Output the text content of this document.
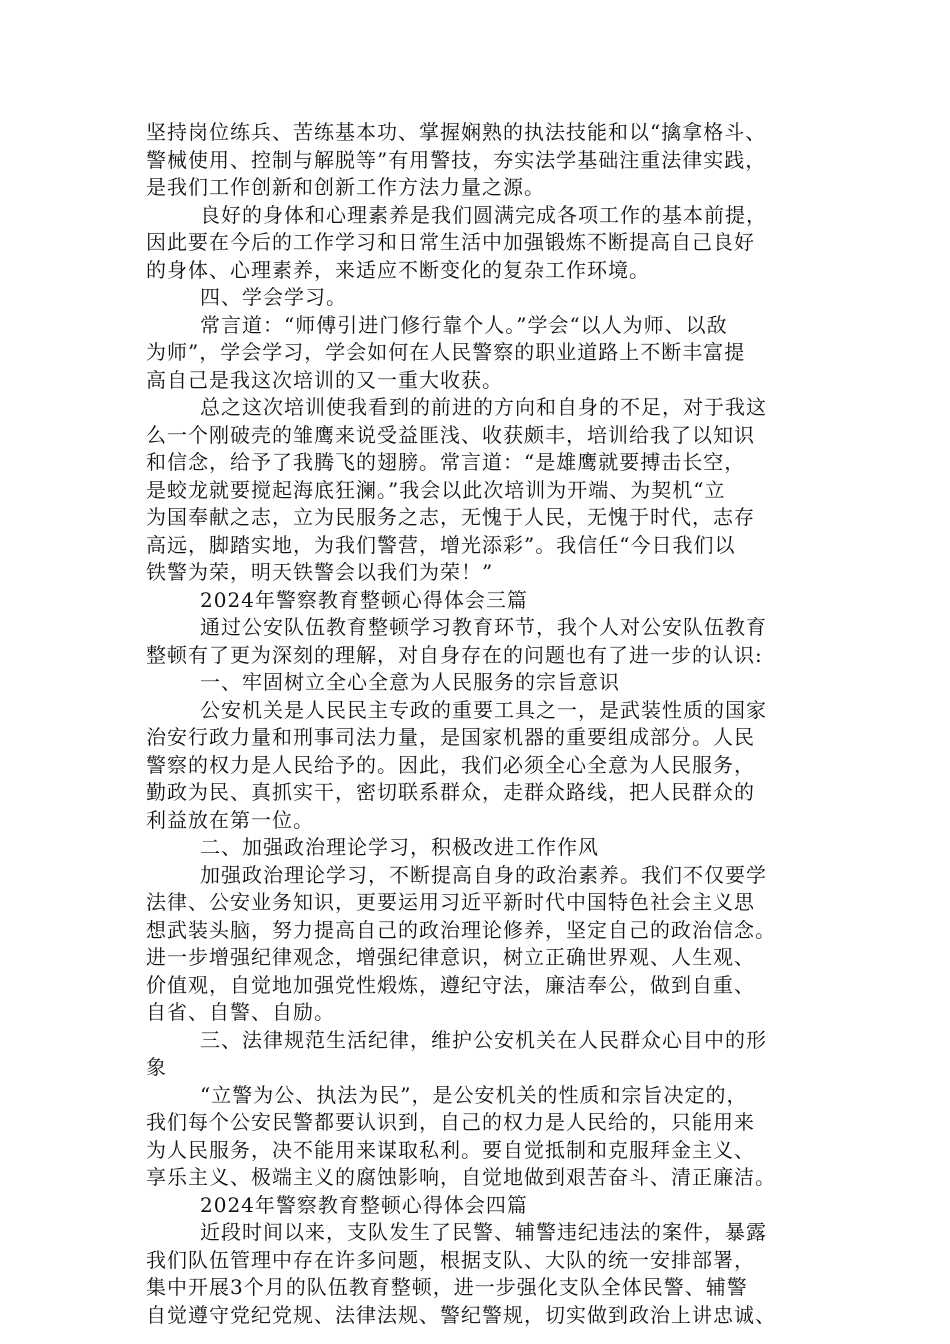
坚持岗位练兵、苦练基本功、掌握娴熟的执法技能和以“擒拿格斗、
警械使用、控制与解脱等”有用警技，夯实法学基础注重法律实践，
是我们工作创新和创新工作方法力量之源。
良好的身体和心理素养是我们圆满完成各项工作的基本前提，
因此要在今后的工作学习和日常生活中加强锻炼不断提高自己良好
的身体、心理素养，来适应不断变化的复杂工作环境。
四、学会学习。
常言道：“师傅引进门修行靠个人。”学会“以人为师、以敌
为师”，学会学习，学会如何在人民警察的职业道路上不断丰富提
高自己是我这次培训的又一重大收获。
总之这次培训使我看到的前进的方向和自身的不足，对于我这
么一个刚破壳的雏鹰来说受益匪浅、收获颇丰，培训给我了以知识
和信念，给予了我腾飞的翅膀。常言道：“是雄鹰就要搏击长空，
是蛟龙就要搅起海底狂澜。”我会以此次培训为开端、为契机“立
为国奉献之志，立为民服务之志，无愧于人民，无愧于时代，志存
高远，脚踏实地，为我们警营，增光添彩”。我信任“今日我们以
铁警为荣，明天铁警会以我们为荣！”
2024年警察教育整顿心得体会三篇
通过公安队伍教育整顿学习教育环节，我个人对公安队伍教育
整顿有了更为深刻的理解，对自身存在的问题也有了进一步的认识:
一、牢固树立全心全意为人民服务的宗旨意识
公安机关是人民民主专政的重要工具之一，是武装性质的国家
治安行政力量和刑事司法力量，是国家机器的重要组成部分。人民
警察的权力是人民给予的。因此，我们必须全心全意为人民服务，
勤政为民、真抓实干，密切联系群众，走群众路线，把人民群众的
利益放在第一位。
二、加强政治理论学习，积极改进工作作风
加强政治理论学习，不断提高自身的政治素养。我们不仅要学
法律、公安业务知识，更要运用习近平新时代中国特色社会主义思
想武装头脑，努力提高自己的政治理论修养，坚定自己的政治信念。
进一步增强纪律观念，增强纪律意识，树立正确世界观、人生观、
价值观，自觉地加强党性煅炼，遵纪守法，廉洁奉公，做到自重、
自省、自警、自励。
三、法律规范生活纪律，维护公安机关在人民群众心目中的形
象
“立警为公、执法为民”，是公安机关的性质和宗旨决定的，
我们每个公安民警都要认识到，自己的权力是人民给的，只能用来
为人民服务，决不能用来谋取私利。要自觉抵制和克服拜金主义、
享乐主义、极端主义的腐蚀影响，自觉地做到艰苦奋斗、清正廉洁。
2024年警察教育整顿心得体会四篇
近段时间以来，支队发生了民警、辅警违纪违法的案件，暴露
我们队伍管理中存在许多问题，根据支队、大队的统一安排部署，
集中开展3个月的队伍教育整顿，进一步强化支队全体民警、辅警
自觉遵守党纪党规、法律法规、警纪警规，切实做到政治上讲忠诚、
